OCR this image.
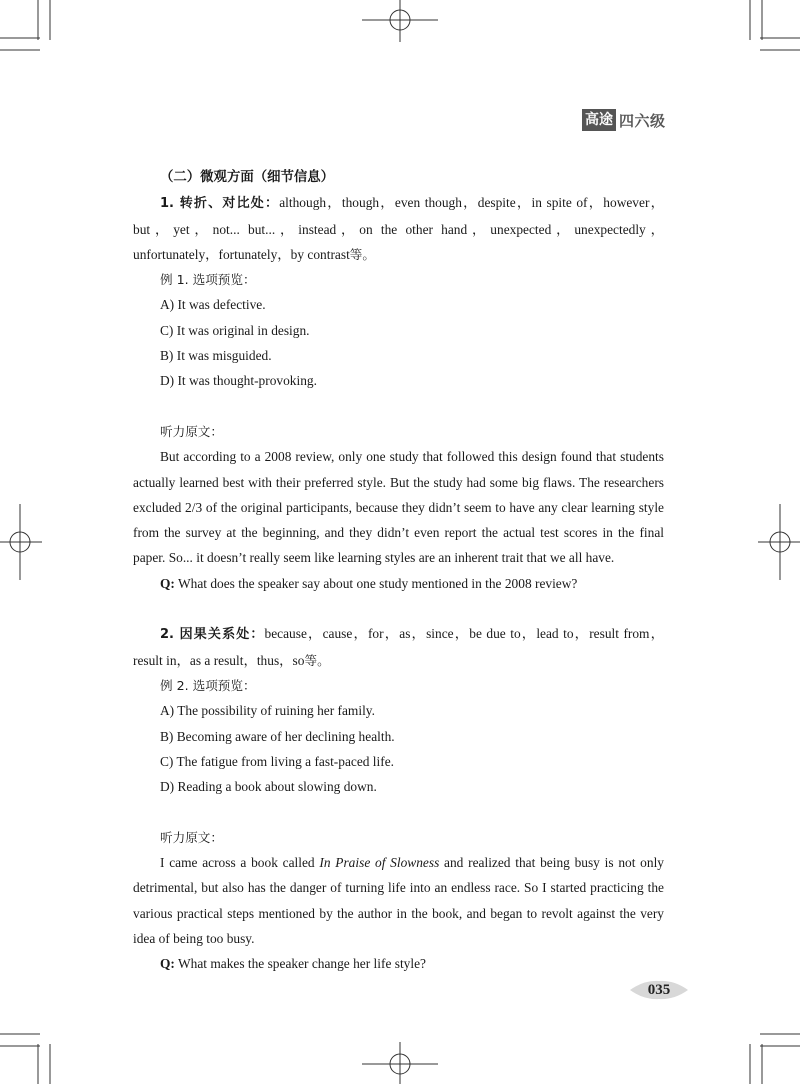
高途 四六级

（二）微观方面（细节信息）

1. 转折、对比处：although，though，even though，despite，in spite of，however，but，yet，not... but...，instead，on the other hand，unexpected，unexpectedly，unfortunately，fortunately，by contrast等。

例 1. 选项预览：

A) It was defective.
C) It was original in design.
B) It was misguided.
D) It was thought-provoking.

听力原文：

But according to a 2008 review, only one study that followed this design found that students actually learned best with their preferred style. But the study had some big flaws. The researchers excluded 2/3 of the original participants, because they didn’t seem to have any clear learning style from the survey at the beginning, and they didn’t even report the actual test scores in the final paper. So... it doesn’t really seem like learning styles are an inherent trait that we all have.

Q: What does the speaker say about one study mentioned in the 2008 review?

2. 因果关系处：because，cause，for，as，since，be due to，lead to，result from，result in，as a result，thus，so等。

例 2. 选项预览：

A) The possibility of ruining her family.

B) Becoming aware of her declining health.

C) The fatigue from living a fast-paced life.

D) Reading a book about slowing down.

听力原文：

I came across a book called In Praise of Slowness and realized that being busy is not only detrimental, but also has the danger of turning life into an endless race. So I started practicing the various practical steps mentioned by the author in the book, and began to revolt against the very idea of being too busy.

Q: What makes the speaker change her life style?

035
